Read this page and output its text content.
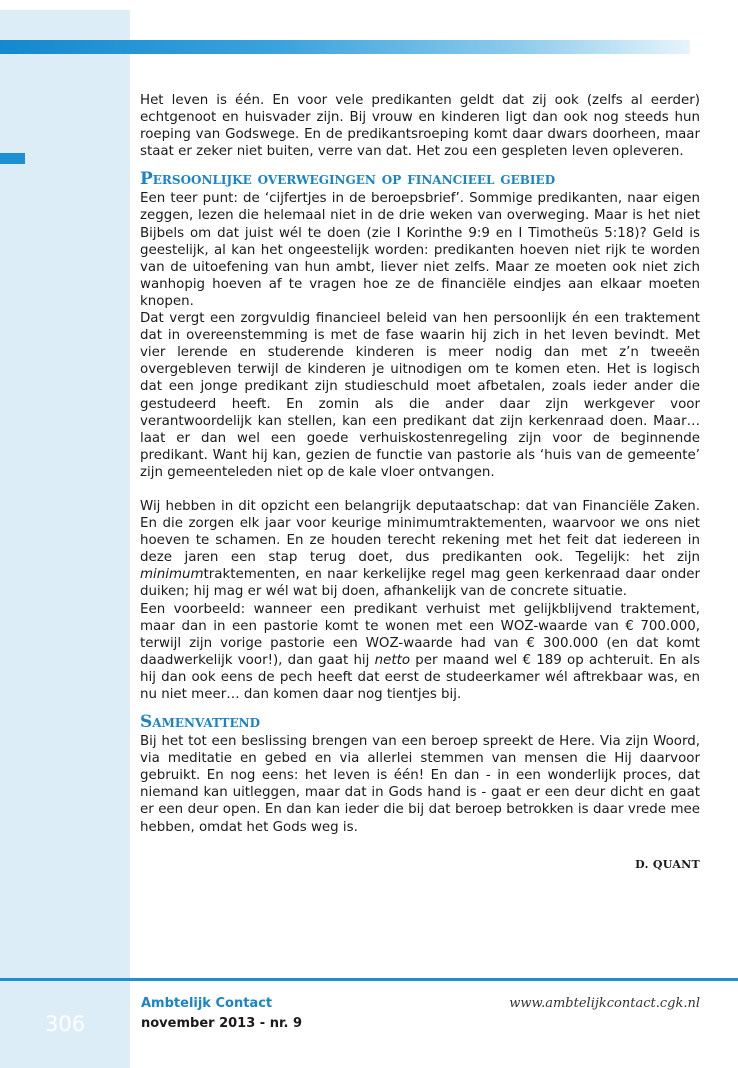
Het leven is één. En voor vele predikanten geldt dat zij ook (zelfs al eerder) echtgenoot en huisvader zijn. Bij vrouw en kinderen ligt dan ook nog steeds hun roeping van Godswege. En de predikantsroeping komt daar dwars doorheen, maar staat er zeker niet buiten, verre van dat. Het zou een gespleten leven opleveren.

Persoonlijke overwegingen op financieel gebied

Een teer punt: de ‘cijfertjes in de beroepsbrief’. Sommige predikanten, naar eigen zeggen, lezen die helemaal niet in de drie weken van overweging. Maar is het niet Bijbels om dat juist wél te doen (zie I Korinthe 9:9 en I Timotheüs 5:18)? Geld is geestelijk, al kan het ongeestelijk worden: predikanten hoeven niet rijk te worden van de uitoefening van hun ambt, liever niet zelfs. Maar ze moeten ook niet zich wanhopig hoeven af te vragen hoe ze de financiële eindjes aan elkaar moeten knopen.

Dat vergt een zorgvuldig financieel beleid van hen persoonlijk én een traktement dat in overeenstemming is met de fase waarin hij zich in het leven bevindt. Met vier lerende en studerende kinderen is meer nodig dan met z’n tweeën overgebleven terwijl de kinderen je uitnodigen om te komen eten. Het is logisch dat een jonge predikant zijn studieschuld moet afbetalen, zoals ieder ander die gestudeerd heeft. En zomin als die ander daar zijn werkgever voor verantwoordelijk kan stellen, kan een predikant dat zijn kerkenraad doen. Maar… laat er dan wel een goede verhuiskostenregeling zijn voor de beginnende predikant. Want hij kan, gezien de functie van pastorie als ‘huis van de gemeente’ zijn gemeenteleden niet op de kale vloer ontvangen.

Wij hebben in dit opzicht een belangrijk deputaatschap: dat van Financiële Zaken. En die zorgen elk jaar voor keurige minimumtraktementen, waarvoor we ons niet hoeven te schamen. En ze houden terecht rekening met het feit dat iedereen in deze jaren een stap terug doet, dus predikanten ook. Tegelijk: het zijn minimumtraktementen, en naar kerkelijke regel mag geen kerkenraad daar onder duiken; hij mag er wél wat bij doen, afhankelijk van de concrete situatie.

Een voorbeeld: wanneer een predikant verhuist met gelijkblijvend traktement, maar dan in een pastorie komt te wonen met een WOZ-waarde van € 700.000, terwijl zijn vorige pastorie een WOZ-waarde had van € 300.000 (en dat komt daadwerkelijk voor!), dan gaat hij netto per maand wel € 189 op achteruit. En als hij dan ook eens de pech heeft dat eerst de studeerkamer wél aftrekbaar was, en nu niet meer… dan komen daar nog tientjes bij.

Samenvattend

Bij het tot een beslissing brengen van een beroep spreekt de Here. Via zijn Woord, via meditatie en gebed en via allerlei stemmen van mensen die Hij daarvoor gebruikt. En nog eens: het leven is één! En dan - in een wonderlijk proces, dat niemand kan uitleggen, maar dat in Gods hand is - gaat er een deur dicht en gaat er een deur open. En dan kan ieder die bij dat beroep betrokken is daar vrede mee hebben, omdat het Gods weg is.

D. QUANT
306
Ambtelijk Contact
november 2013 - nr. 9
www.ambtelijkcontact.cgk.nl
